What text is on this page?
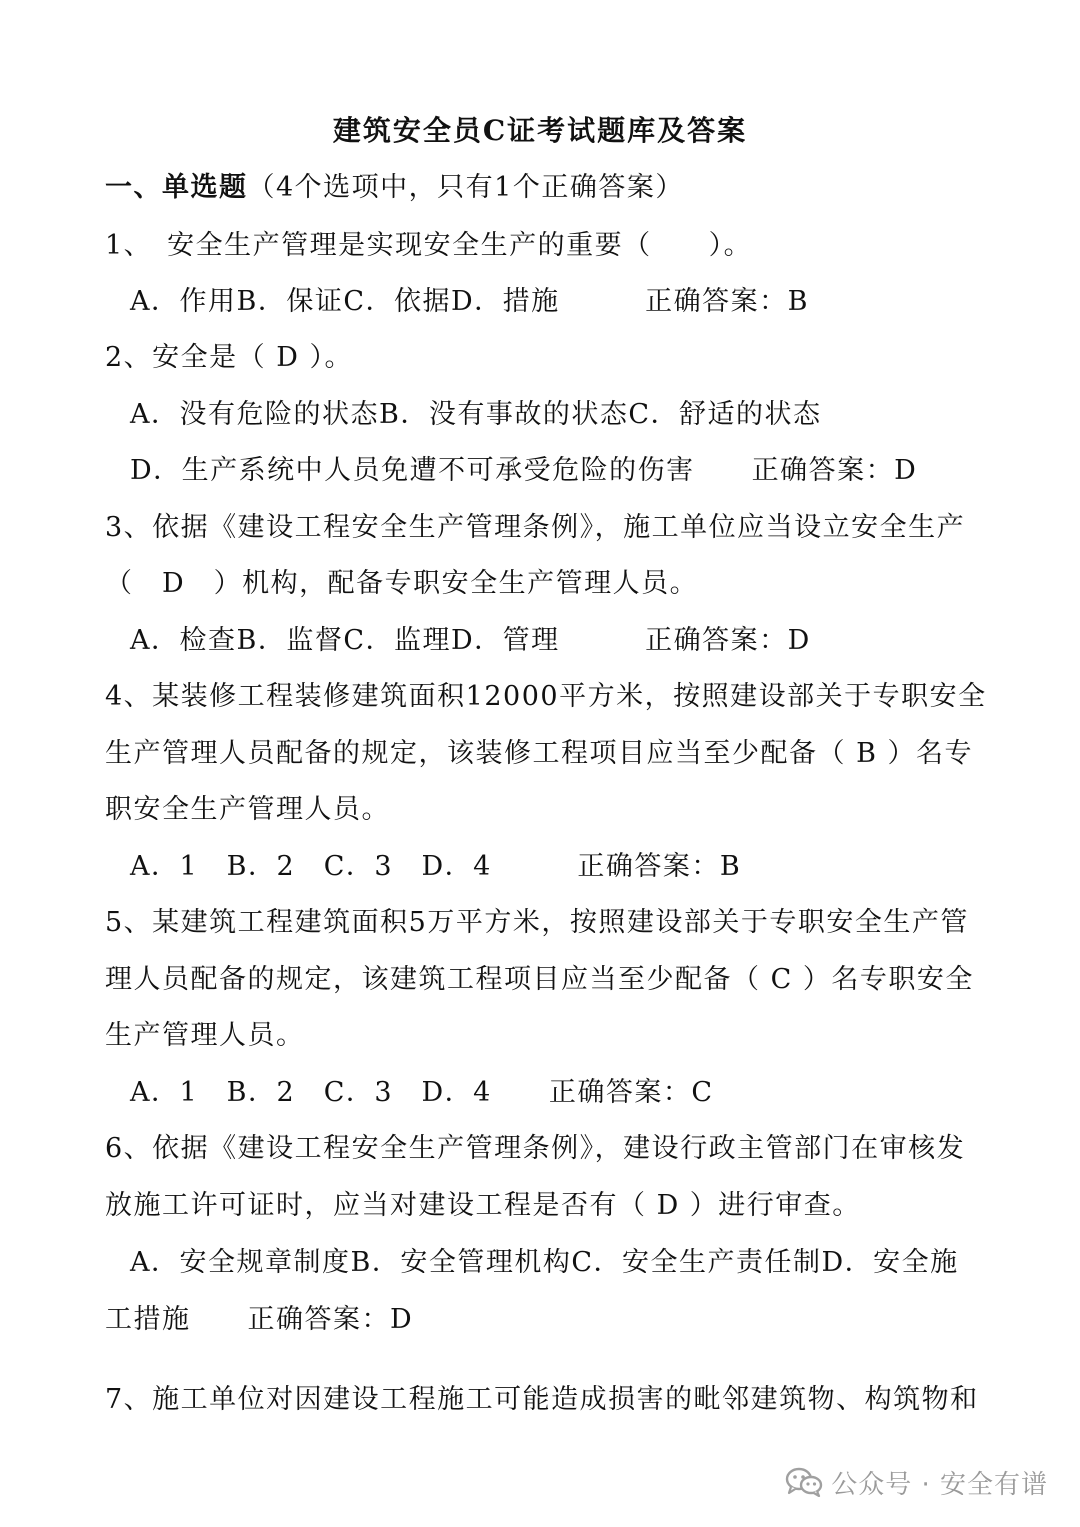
建筑安全员C证考试题库及答案
一、单选题（4个选项中，只有1个正确答案）
1、　安全生产管理是实现安全生产的重要（　　）。
A．作用B．保证C．依据D．措施　　　正确答案：B
2、安全是（ D ）。
A．没有危险的状态B．没有事故的状态C．舒适的状态
D．生产系统中人员免遭不可承受危险的伤害　　正确答案：D
3、依据《建设工程安全生产管理条例》，施工单位应当设立安全生产
（　D　）机构，配备专职安全生产管理人员。
A．检查B．监督C．监理D．管理　　　正确答案：D
4、某装修工程装修建筑面积12000平方米，按照建设部关于专职安全
生产管理人员配备的规定，该装修工程项目应当至少配备（ B ）名专
职安全生产管理人员。
A．1　B．2　C．3　D．4　　　正确答案：B
5、某建筑工程建筑面积5万平方米，按照建设部关于专职安全生产管
理人员配备的规定，该建筑工程项目应当至少配备（ C ）名专职安全
生产管理人员。
A．1　B．2　C．3　D．4　　正确答案：C
6、依据《建设工程安全生产管理条例》，建设行政主管部门在审核发
放施工许可证时，应当对建设工程是否有（ D ）进行审查。
A．安全规章制度B．安全管理机构C．安全生产责任制D．安全施
工措施　　正确答案：D
7、施工单位对因建设工程施工可能造成损害的毗邻建筑物、构筑物和
公众号 · 安全有谱
